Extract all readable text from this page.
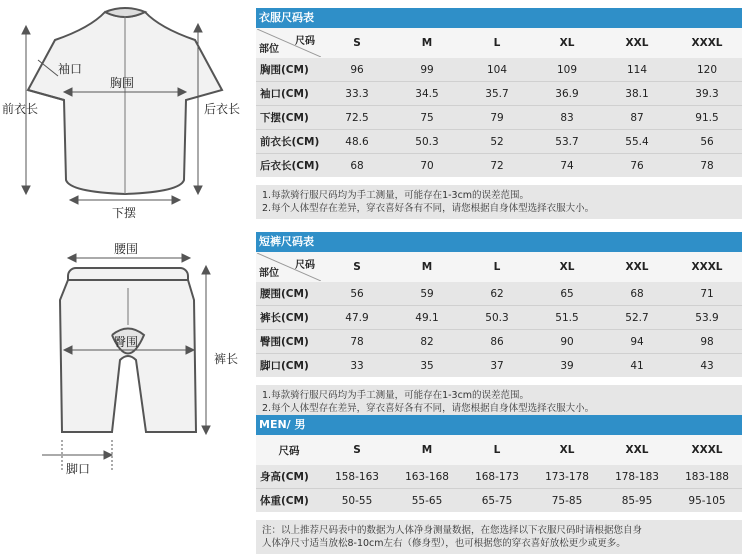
袖口
胸围
前衣长	后衣长
下摆
腰围
臀围
裤长
脚口
衣服尺码表
尺码
部位	S	M	L	XL	XXL	XXXL
胸围(CM)	96	99	104	109	114	120
袖口(CM)	33.3	34.5	35.7	36.9	38.1	39.3
下摆(CM)	72.5	75	79	83	87	91.5
前衣长(CM)	48.6	50.3	52	53.7	55.4	56
后衣长(CM)	68	70	72	74	76	78
1.每款骑行服尺码均为手工测量，可能存在1-3cm的误差范围。
2.每个人体型存在差异，穿衣喜好各有不同，请您根据自身体型选择衣服大小。
短裤尺码表
尺码
部位	S	M	L	XL	XXL	XXXL
腰围(CM)	56	59	62	65	68	71
裤长(CM)	47.9	49.1	50.3	51.5	52.7	53.9
臀围(CM)	78	82	86	90	94	98
脚口(CM)	33	35	37	39	41	43
1.每款骑行服尺码均为手工测量，可能存在1-3cm的误差范围。
2.每个人体型存在差异，穿衣喜好各有不同，请您根据自身体型选择衣服大小。
MEN/ 男
尺码	S	M	L	XL	XXL	XXXL
身高(CM)	158-163	163-168	168-173	173-178	178-183	183-188
体重(CM)	50-55	55-65	65-75	75-85	85-95	95-105
注：以上推荐尺码表中的数据为人体净身测量数据，在您选择以下衣服尺码时请根据您自身
人体净尺寸适当放松8-10cm左右（修身型），也可根据您的穿衣喜好放松更少或更多。
